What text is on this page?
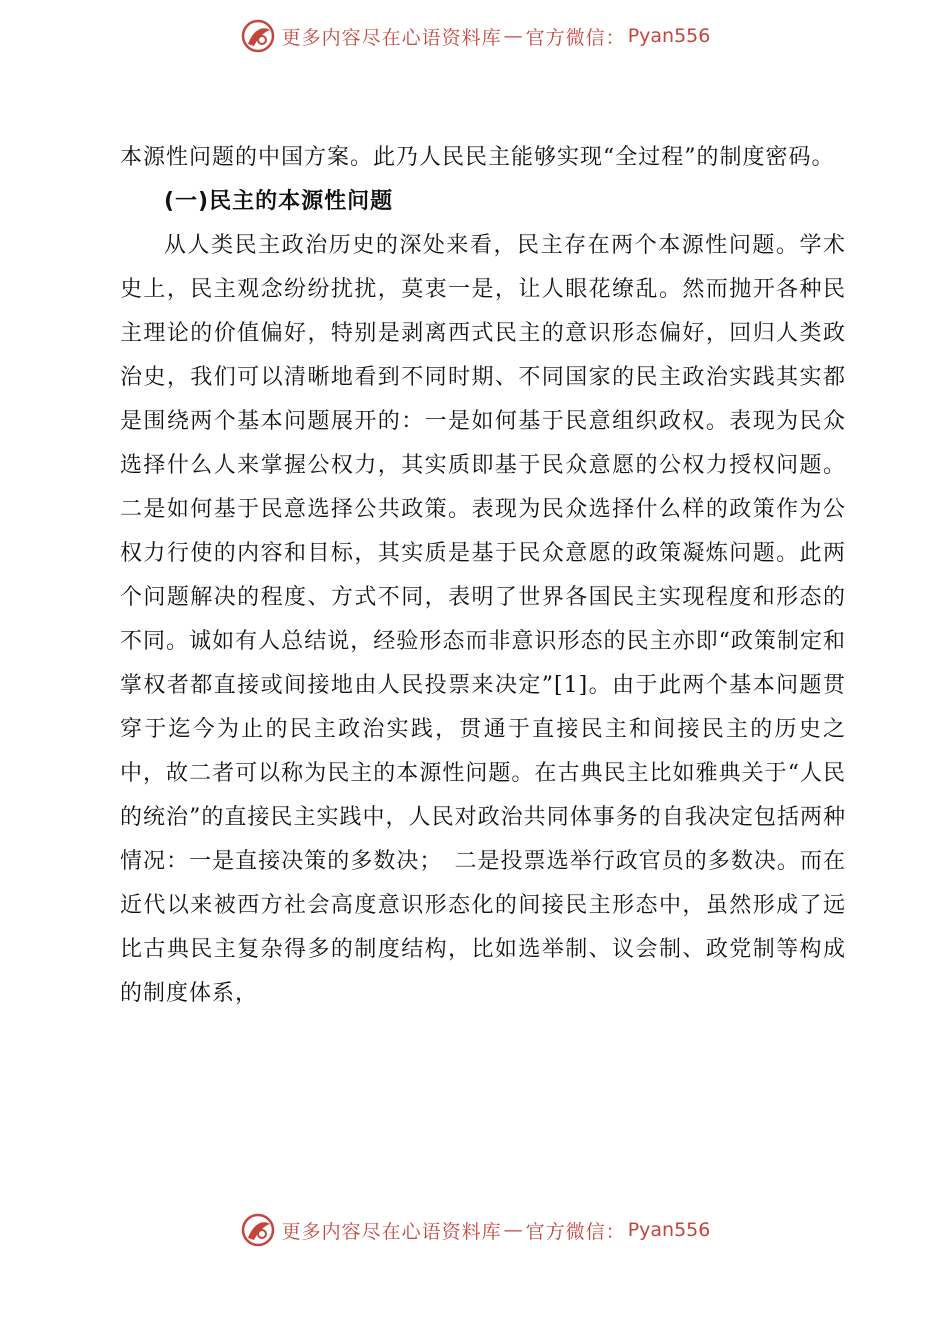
更多内容尽在心语资料库 — 官方微信： Pyan556

本源性问题的中国方案。此乃人民民主能够实现“全过程”的制度密码。

(一)民主的本源性问题

从人类民主政治历史的深处来看，民主存在两个本源性问题。学术史上，民主观念纷纷扰扰，莫衷一是，让人眼花缭乱。然而抛开各种民主理论的价值偏好，特别是剥离西式民主的意识形态偏好，回归人类政治史，我们可以清晰地看到不同时期、不同国家的民主政治实践其实都是围绕两个基本问题展开的：一是如何基于民意组织政权。表现为民众选择什么人来掌握公权力，其实质即基于民众意愿的公权力授权问题。二是如何基于民意选择公共政策。表现为民众选择什么样的政策作为公权力行使的内容和目标，其实质是基于民众意愿的政策凝炼问题。此两个问题解决的程度、方式不同，表明了世界各国民主实现程度和形态的不同。诚如有人总结说，经验形态而非意识形态的民主亦即“政策制定和掌权者都直接或间接地由人民投票来决定”[1]。由于此两个基本问题贯穿于迄今为止的民主政治实践，贯通于直接民主和间接民主的历史之中，故二者可以称为民主的本源性问题。在古典民主比如雅典关于“人民的统治”的直接民主实践中，人民对政治共同体事务的自我决定包括两种情况：一是直接决策的多数决；　二是投票选举行政官员的多数决。而在近代以来被西方社会高度意识形态化的间接民主形态中，虽然形成了远比古典民主复杂得多的制度结构，比如选举制、议会制、政党制等构成的制度体系，

更多内容尽在心语资料库 — 官方微信： Pyan556
